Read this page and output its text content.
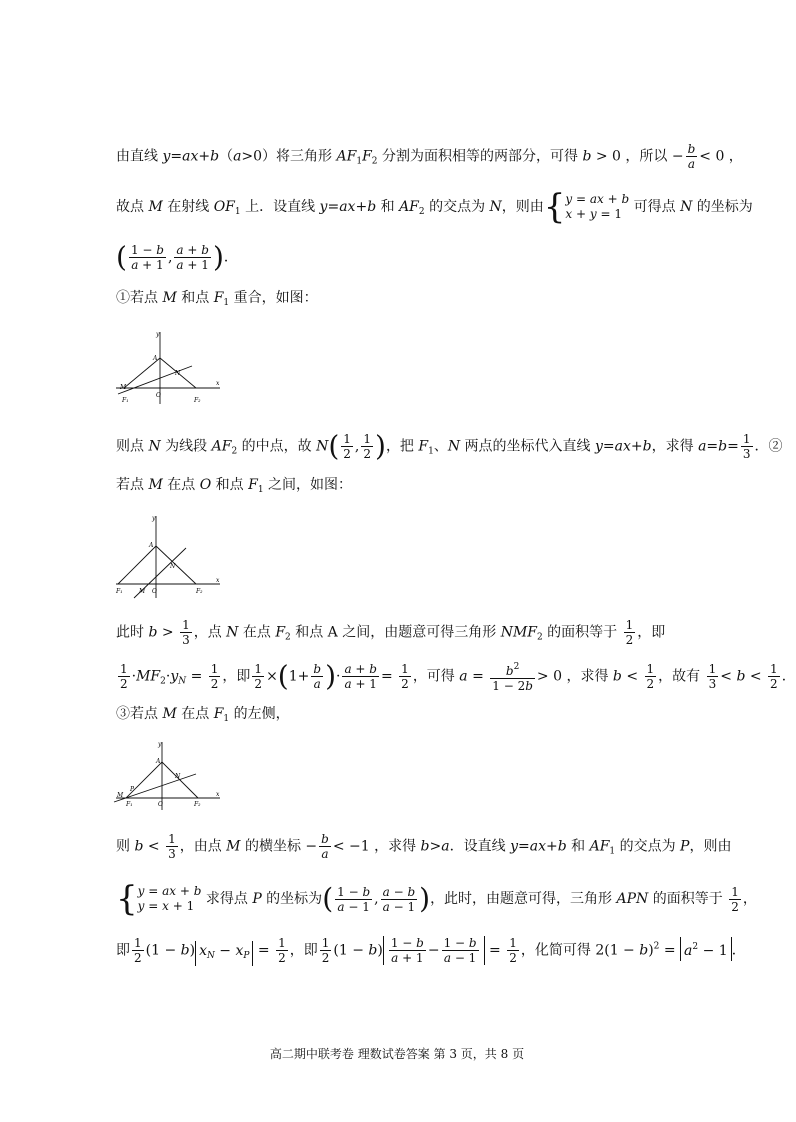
由直线 y=ax+b（a>0）将三角形 $AF_1F_2$ 分割为面积相等的两部分，可得 b > 0 ，所以 − $\frac{b}{a} < 0$ ，
故点 M 在射线 $OF_1$ 上．设直线 y=ax+b 和 $AF_2$ 的交点为 N，则由{y = ax + b
x + y = 1 可得点 N 的坐标为
( $\frac{1 - b}{a + 1}$ , $\frac{a + b}{a + 1}$ )．
①若点 M 和点 $F_1$ 重合，如图：
y
x
A
N
M
O
F₁	F₂
则点 N 为线段 $AF_2$ 的中点，故 $N( \frac{1}{2}$ , $\frac{1}{2}$ )，把 $F_1$、N 两点的坐标代入直线 y=ax+b，求得 $a=b= \frac{1}{3}$ ．②
若点 M 在点 O 和点 $F_1$ 之间，如图：
y
x
A
N
M O
F₁	F₂
此时 $b > \frac{1}{3}$ ，点 N 在点 $F_2$ 和点 A 之间，由题意可得三角形 $NMF_2$ 的面积等于 $\frac{1}{2}$ ，即
$\frac{1}{2} \cdot MF_2\cdot y_N = \frac{1}{2}$ ，即 $\frac{1}{2} \times(1+ \frac{b}{a}$ )· $\frac{a + b}{a + 1} = \frac{1}{2}$ ，可得 $a = \frac{b^2}{1 - 2b} > 0$ ，求得 $b < \frac{1}{2}$ ，故有 $\frac{1}{3} < b < \frac{1}{2}$ ．
③若点 M 在点 $F_1$ 的左侧，
y
x
A
N
M
P
O
F₁	F₂
则 $b < \frac{1}{3}$ ，由点 M 的横坐标 − $\frac{b}{a} < -1$ ，求得 b>a．设直线 y=ax+b 和 $AF_1$ 的交点为 P，则由
{y = ax + b
y = x + 1 求得点 P 的坐标为( $\frac{1 - b}{a - 1}$ , $\frac{a - b}{a - 1}$ )，此时，由题意可得，三角形 APN 的面积等于 $\frac{1}{2}$ ，
即 $\frac{1}{2} (1 - b) x_N - x_P = \frac{1}{2}$ ，即 $\frac{1}{2} (1 - b) \frac{1 - b}{a + 1} - \frac{1 - b}{a - 1} = \frac{1}{2}$ ，化简可得 $2(1 - b)^2 = a^2 - 1$ ．
高二期中联考卷 理数试卷答案 第 3 页，共 8 页
